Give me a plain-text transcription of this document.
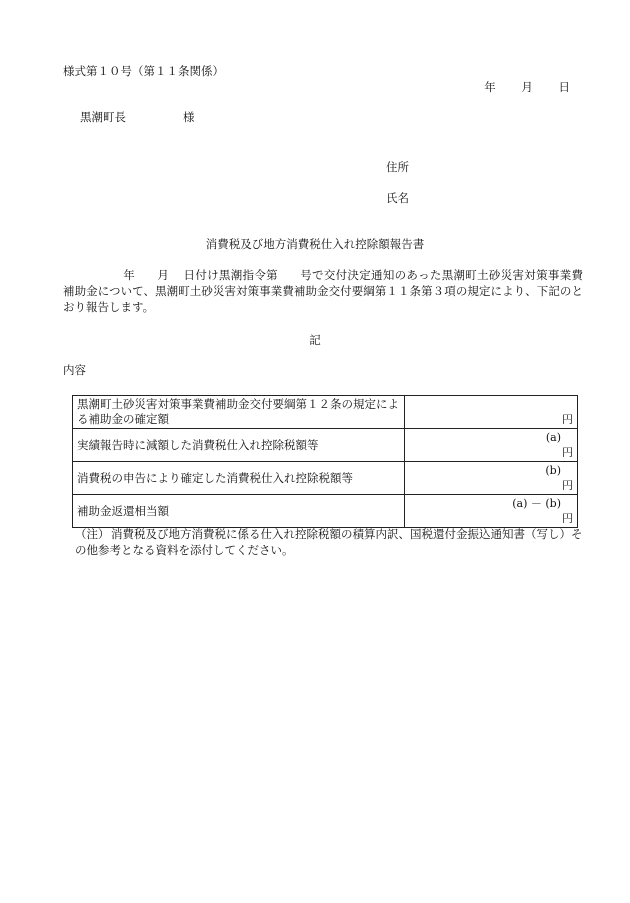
様式第１０号（第１１条関係）
年 月 日
黒潮町長	様
住所
氏名
消費税及び地方消費税仕入れ控除額報告書
年 月 日付け黒潮指令第 号で交付決定通知のあった黒潮町土砂災害対策事業費補助金について、黒潮町土砂災害対策事業費補助金交付要綱第１１条第３項の規定により、下記のとおり報告します。
記
内容
黒潮町土砂災害対策事業費補助金交付要綱第１２条の規定による補助金の確定額	円
実績報告時に減額した消費税仕入れ控除税額等	(a)
円
消費税の申告により確定した消費税仕入れ控除税額等	(b)
円
補助金返還相当額	(a) － (b)
円
（注） 消費税及び地方消費税に係る仕入れ控除税額の積算内訳、国税還付金振込通知書（写し）その他参考となる資料を添付してください。
